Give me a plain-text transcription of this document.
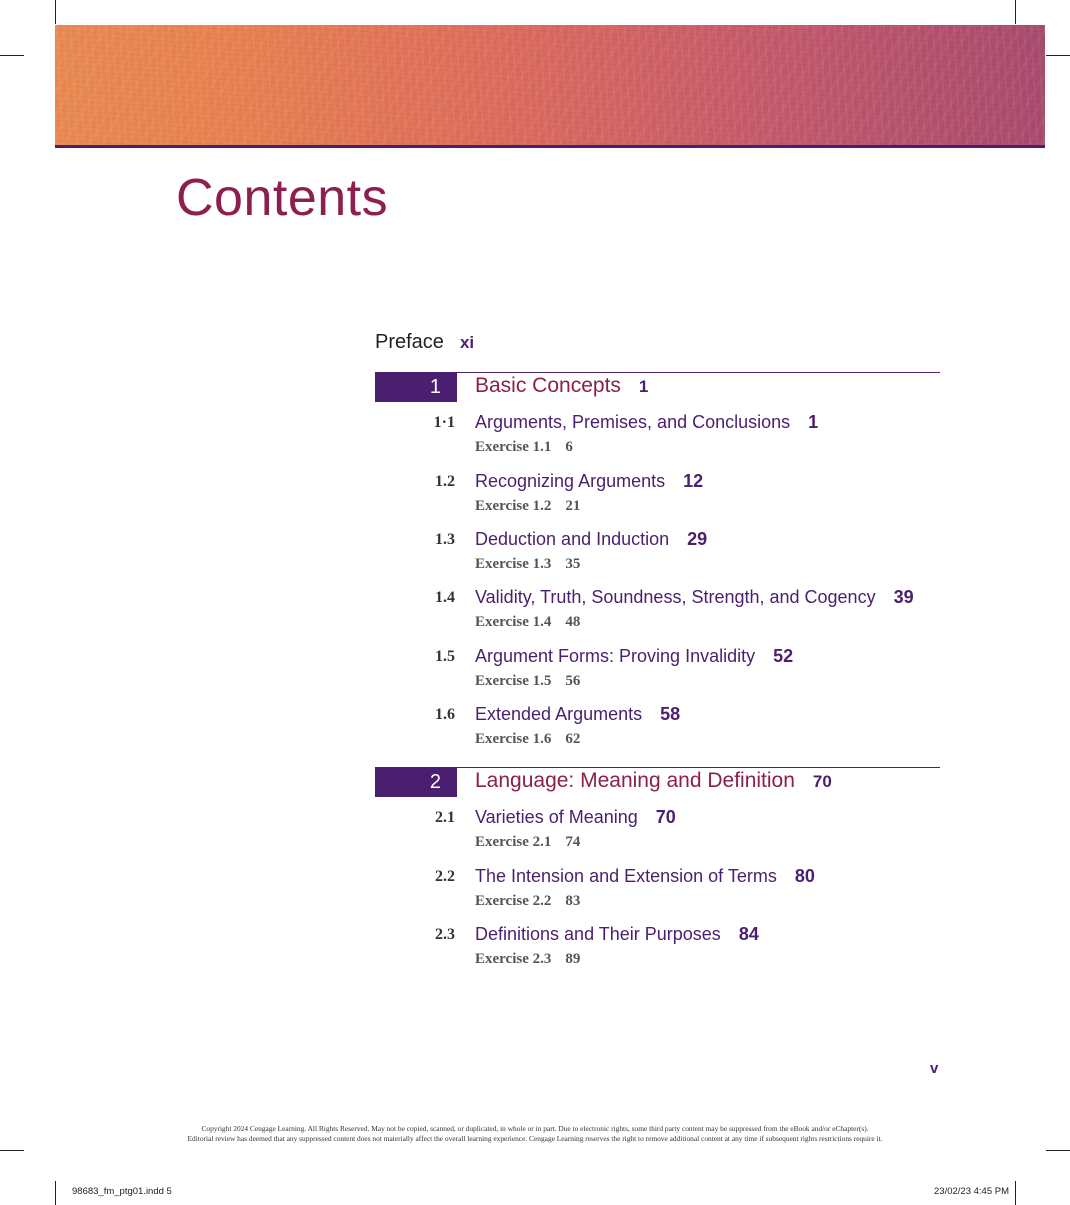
Contents
Preface xi
1	Basic Concepts 1
1·1 Arguments, Premises, and Conclusions 1
Exercise 1.1 6
1.2 Recognizing Arguments 12
Exercise 1.2 21
1.3 Deduction and Induction 29
Exercise 1.3 35
1.4 Validity, Truth, Soundness, Strength, and Cogency 39
Exercise 1.4 48
1.5 Argument Forms: Proving Invalidity 52
Exercise 1.5 56
1.6 Extended Arguments 58
Exercise 1.6 62
2	Language: Meaning and Definition 70
2.1 Varieties of Meaning 70
Exercise 2.1 74
2.2 The Intension and Extension of Terms 80
Exercise 2.2 83
2.3 Definitions and Their Purposes 84
Exercise 2.3 89
v
Copyright 2024 Cengage Learning. All Rights Reserved. May not be copied, scanned, or duplicated, in whole or in part. Due to electronic rights, some third party content may be suppressed from the eBook and/or eChapter(s).
Editorial review has deemed that any suppressed content does not materially affect the overall learning experience. Cengage Learning reserves the right to remove additional content at any time if subsequent rights restrictions require it.
98683_fm_ptg01.indd 5	23/02/23 4:45 PM
